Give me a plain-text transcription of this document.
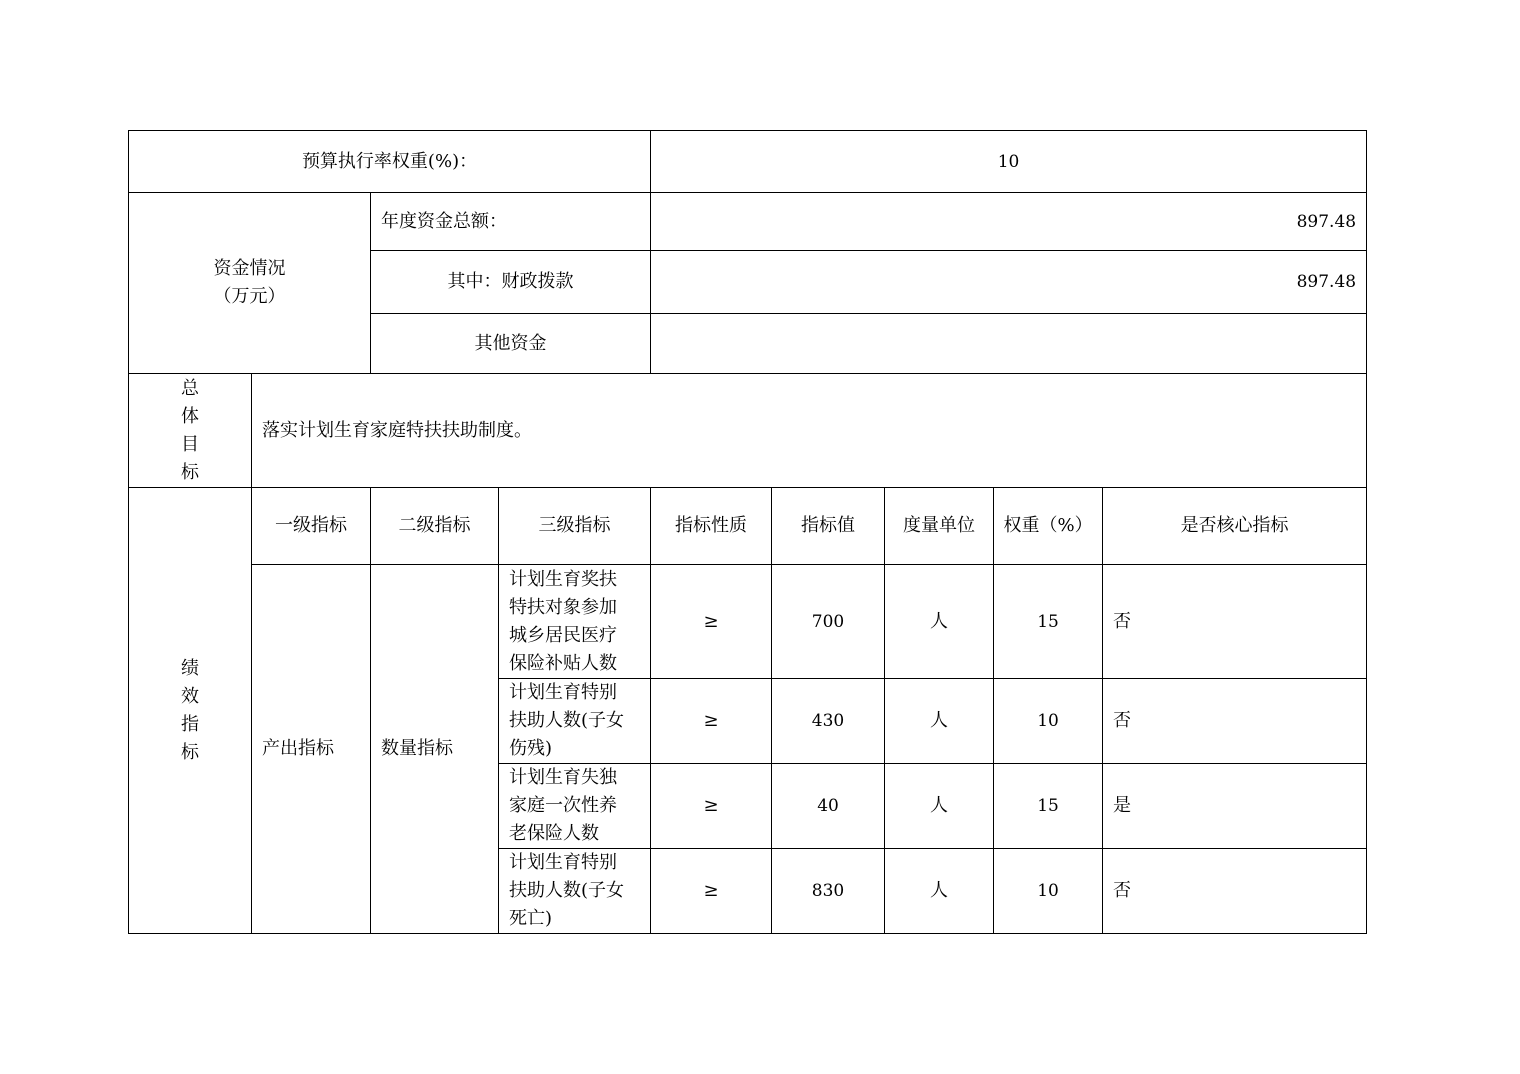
预算执行率权重(%)：				10				

资金情况
（万元）		年度资金总额：		897.48				
		其中：财政拨款		897.48				
		其他资金						

总体目标	落实计划生育家庭特扶扶助制度。							

绩效指标	一级指标	二级指标	三级指标	指标性质	指标值	度量单位	权重（%）	是否核心指标
	产出指标	数量指标	计划生育奖扶特扶对象参加城乡居民医疗保险补贴人数	≥	700	人	15	否

			计划生育特别扶助人数(子女伤残)	≥	430	人	10	否

			计划生育失独家庭一次性养老保险人数	≥	40	人	15	是

			计划生育特别扶助人数(子女死亡)	≥	830	人	10	否
